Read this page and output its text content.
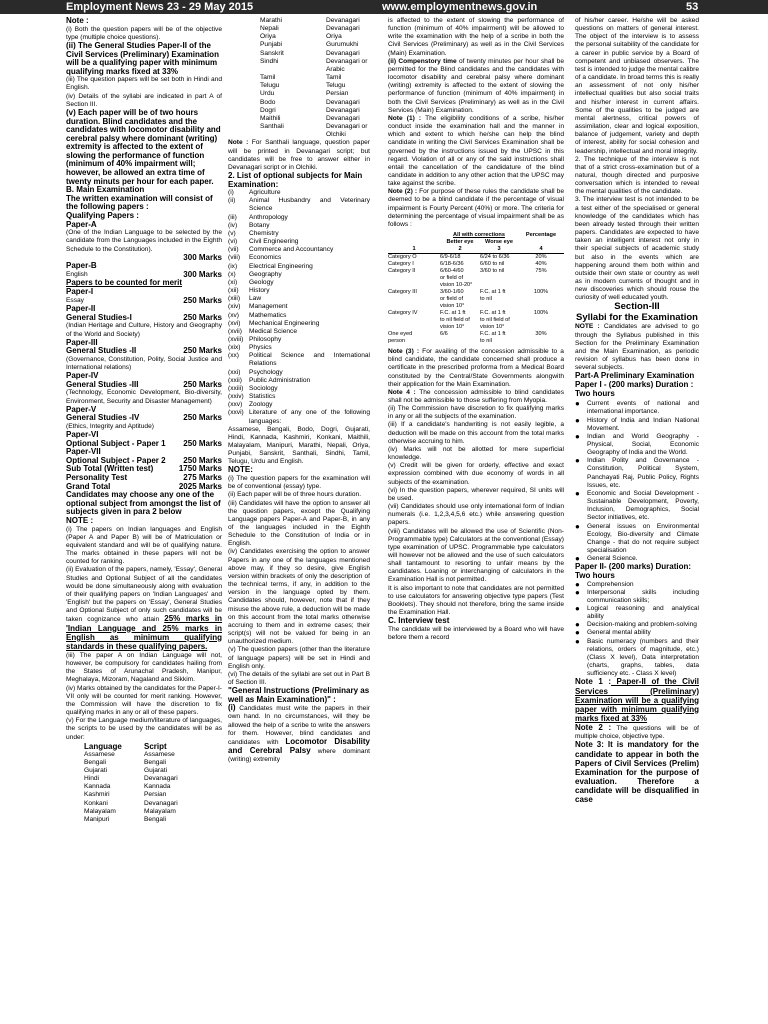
Employment News 23 - 29 May 2015	www.employmentnews.gov.in	53

Note :

(i) Both the question papers will be of the objective type (multiple choice questions).

(ii) The General Studies Paper-II of the Civil Services (Preliminary) Examination will be a qualifying paper with minimum qualifying marks fixed at 33%

(iii) The question papers will be set both in Hindi and English.

(iv) Details of the syllabi are indicated in part A of Section III.

(v) Each paper will be of two hours duration. Blind candidates and the candidates with locomotor disability and cerebral palsy where dominant (writing) extremity is affected to the extent of slowing the performance of function (minimum of 40% impairment will; however, be allowed an extra time of twenty minuts per hour for each paper.

B. Main Examination

The written examination will consist of the following papers :

Qualifying Papers :

Paper-A

(One of the Indian Language to be selected by the candidate from the Languages included in the Eighth Schedule to the Constitution).

300 Marks

Paper-B

English	300 Marks

Papers to be counted for merit

Paper-I

Essay	250 Marks

Paper-II

General Studies-I	250 Marks

(Indian Heritage and Culture, History and Geography of the World and Society)

Paper-III

General Studies -II	250 Marks

(Governance, Constitution, Polity, Social Justice and International relations)

Paper-IV

General Studies -III	250 Marks

(Technology, Economic Development, Bio-diversity, Environment, Security and Disaster Management)

Paper-V

General Studies -IV	250 Marks

(Ethics, Integrity and Aptitude)

Paper-VI

Optional Subject - Paper 1 250 Marks

Paper-VII

Optional Subject - Paper 2 250 Marks
Sub Total (Written test)	1750 Marks
Personality Test	275 Marks
Grand Total	2025 Marks

Candidates may choose any one of the optional subject from amongst the list of subjects given in para 2 below

NOTE :

(i) The papers on Indian languages and English (Paper A and Paper B) will be of Matriculation or equivalent standard and will be of qualifying nature. The marks obtained in these papers will not be counted for ranking.

(ii) Evaluation of the papers, namely, 'Essay', General Studies and Optional Subject of all the candidates would be done simultaneously along with evaluation of their qualifying papers on 'Indian Languages' and 'English' but the papers on 'Essay', General Studies and Optional Subject of only such candidates will be taken cognizance who attain 25% marks in 'Indian Language and 25% marks in English as minimum qualifying standards in these qualifying papers.

(iii) The paper A on Indian Language will not, however, be compulsory for candidates hailing from the States of Arunachal Pradesh, Manipur, Meghalaya, Mizoram, Nagaland and Sikkim.

(iv) Marks obtained by the candidates for the Paper-I-VII only will be counted for merit ranking. However, the Commission will have the discretion to fix qualifying marks in any or all of these papers.

(v) For the Language medium/literature of languages, the scripts to be used by the candidates will be as under:

Language	Script
Assamese	Assamese
Bengali	Bengali
Gujarati	Gujarati
Hindi	Devanagari
Kannada	Kannada
Kashmiri	Persian
Konkani	Devanagari
Malayalam	Malayalam
Manipuri	Bengali
Marathi	Devanagari
Nepali	Devanagari
Oriya	Oriya
Punjabi	Gurumukhi
Sanskrit	Devanagari
Sindhi	Devanagari or
Arabic
Tamil	Tamil
Telugu	Telugu
Urdu	Persian
Bodo	Devanagari
Dogri	Devanagari
Maithili	Devanagari
Santhali	Devanagari or
Olchiki

Note : For Santhali language, question paper will be printed in Devanagari script; but candidates will be free to answer either in Devanagari script or in Olchiki.

2. List of optional subjects for Main Examination:

(i)	Agriculture
(ii)	Animal Husbandry and Veterinary Science
(iii)	Anthropology
(iv)	Botany
(v)	Chemistry
(vi)	Civil Engineering
(vii)	Commerce and Accountancy
(viii)	Economics
(ix)	Electrical Engineering
(x)	Geography
(xi)	Geology
(xii)	History
(xiii)	Law
(xiv)	Management
(xv)	Mathematics
(xvi)	Mechanical Engineering
(xvii)	Medical Science
(xviii) Philosophy
(xix)	Physics
(xx)	Political Science and International Relations
(xxi)	Psychology
(xxii)	Public Administration
(xxiii) Sociology
(xxiv) Statistics
(xxv)	Zoology
(xxvi) Literature of any one of the following languages:

Assamese, Bengali, Bodo, Dogri, Gujarati, Hindi, Kannada, Kashmiri, Konkani, Maithili, Malayalam, Manipuri, Marathi, Nepali, Oriya, Punjabi, Sanskrit, Santhali, Sindhi, Tamil, Telugu, Urdu and English.

NOTE:

(i) The question papers for the examination will be of conventional (essay) type.

(ii) Each paper will be of three hours duration.

(iii) Candidates will have the option to answer all the question papers, except the Qualifying Language papers Paper-A and Paper-B, in any of the languages included in the Eighth Schedule to the Constitution of India or in English.

(iv) Candidates exercising the option to answer Papers in any one of the languages mentioned above may, if they so desire, give English version within brackets of only the description of the technical terms, if any, in addition to the version in the language opted by them. Candidates should, however, note that if they misuse the above rule, a deduction will be made on this account from the total marks otherwise accruing to them and in extreme cases; their script(s) will not be valued for being in an unauthorized medium.

(v) The question papers (other than the literature of language papers) will be set in Hindi and English only.

(vi) The details of the syllabi are set out in Part B of Section III.

"General Instructions (Preliminary as well as Main Examination)" :

(i) Candidates must write the papers in their own hand. In no circumstances, will they be allowed the help of a scribe to write the answers for them. However, blind candidates and candidates with Locomotor Disability and Cerebral Palsy where dominant (writing) extremity

is affected to the extent of slowing the performance of function (minimum of 40% impairment) will be allowed to write the examination with the help of a scribe in both the Civil Services (Preliminary) as well as in the Civil Services (Main) Examination.

(ii) Compenstory time of twenty minutes per hour shall be permitted for the Blind candidates and the candidates with locomotor disability and cerebral palsy where dominant (writing) extremity is affected to the extent of slowing the performance of function (minimum of 40% impairment) in both the Civil Services (Preliminary) as well as in the Civil Services (Main) Examination.

Note (1) : The eligibility conditions of a scribe, his/her conduct inside the examination hall and the manner in which and extent to which he/she can help the blind candidate in writing the Civil Services Examination shall be governed by the instructions issued by the UPSC in this regard. Violation of all or any of the said instructions shall entail the cancellation of the candidature of the blind candidate in addition to any other action that the UPSC may take against the scribe.

Note (2) : For purpose of these rules the candidate shall be deemed to be a blind candidate if the percentage of visual impairment is Fourty Percent (40%) or more. The criteria for determining the percentage of visual impairment shall be as follows :

All with corrections	Percentage
Better eye	Worse eye
1	2	3	4
Category O	6/9-6/18	6/24 to 6/36	20%
Category I	6/18-6/36	6/60 to nil	40%
Category II	6/60-4/60	3/60 to nil	75%
or field of
vision 10-20°
Category III	3/60-1/60	F.C. at 1 ft	100%
or field of	to nil
vision 10°
Category IV	F.C. at 1 ft	F.C. at 1 ft	100%
to nil field of	to nil field of
vision 10°	vision 10°
One eyed	6/6	F.C. at 1 ft	30%
person	to nil

Note (3) : For availing of the concession admissible to a blind candidate, the candidate concerned shall produce a certificate in the prescribed proforma from a Medical Board constituted by the Central/State Governments alongwith their application for the Main Examination.

Note 4 : The concession admissible to blind candidates shall not be admissible to those suffering from Myopia.

(ii) The Commission have discretion to fix qualifying marks in any or all the subjects of the examination.

(iii) If a candidate's handwriting is not easily legible, a deduction will be made on this account from the total marks otherwise accruing to him.

(iv) Marks will not be allotted for mere superficial knowledge.

(v) Credit will be given for orderly, effective and exact expression combined with due economy of words in all subjects of the examination.

(vi) In the question papers, wherever required, SI units will be used.

(vii) Candidates should use only international form of Indian numerals (i.e. 1,2,3,4,5,6 etc.) while answering question papers.

(viii) Candidates will be allowed the use of Scientific (Non-Programmable type) Calculators at the conventional (Essay) type examination of UPSC. Programmable type calculators will however not be allowed and the use of such calculators shall tantamount to resorting to unfair means by the candidates. Loaning or interchanging of calculators in the Examination Hall is not permitted.

It is also important to note that candidates are not permitted to use calculators for answering objective type papers (Test Booklets). They should not therefore, bring the same inside the Examination Hall.

C. Interview test

The candidate will be interviewed by a Board who will have before them a record

of his/her career. He/she will be asked questions on matters of general interest. The object of the interview is to assess the personal suitability of the candidate for a career in public service by a Board of competent and unbiased observers. The test is intended to judge the mental calibre of a candidate. In broad terms this is really an assessment of not only his/her intellectual qualities but also social traits and his/her interest in current affairs. Some of the qualities to be judged are mental alertness, critical powers of assimilation, clear and logical exposition, balance of judgement, variety and depth of interest, ability for social cohesion and leadership, intellectual and moral integrity.

2. The technique of the interview is not that of a strict cross-examination but of a natural, though directed and purposive conversation which is intended to reveal the mental qualities of the candidate.

3. The interview test is not intended to be a test either of the specialised or general knowledge of the candidates which has been already tested through their written papers. Candidates are expected to have taken an intelligent interest not only in their special subjects of academic study but also in the events which are happening around them both within and outside their own state or country as well as in modern currents of thought and in new discoveries which should rouse the curiosity of well educated youth.

Section-III

Syllabi for the Examination

NOTE : Candidates are advised to go through the Syllabus published in this Section for the Preliminary Examination and the Main Examination, as periodic revision of syllabus has been done in several subjects.

Part-A Preliminary Examination

Paper I - (200 marks) Duration : Two hours

●	Current events of national and international importance.
●	History of India and Indian National Movement.
●	Indian and World Geography - Physical, Social, Economic Geography of India and the World.
●	Indian Polity and Governance - Constitution, Political System, Panchayati Raj, Public Policy, Rights Issues, etc.
●	Economic and Social Development - Sustainable Development, Poverty, Inclusion, Demographics, Social Sector initiatives, etc.
●	General issues on Environmental Ecology, Bio-diversity and Climate Change - that do not require subject specialisation
●	General Science.

Paper II- (200 marks) Duration: Two hours

●	Comprehension
●	Interpersonal skills including communication skills;
●	Logical reasoning and analytical ability
●	Decision-making and problem-solving
●	General mental ability
●	Basic numeracy (numbers and their relations, orders of magnitude, etc.) (Class X level), Data interpretation (charts, graphs, tables, data sufficiency etc. - Class X level)

Note 1 : Paper-II of the Civil Services (Preliminary) Examination will be a qualifying paper with minimum qualifying marks fixed at 33%

Note 2 : The questions will be of multiple choice, objective type.

Note 3: It is mandatory for the candidate to appear in both the Papers of Civil Services (Prelim) Examination for the purpose of evaluation. Therefore a candidate will be disqualified in case
